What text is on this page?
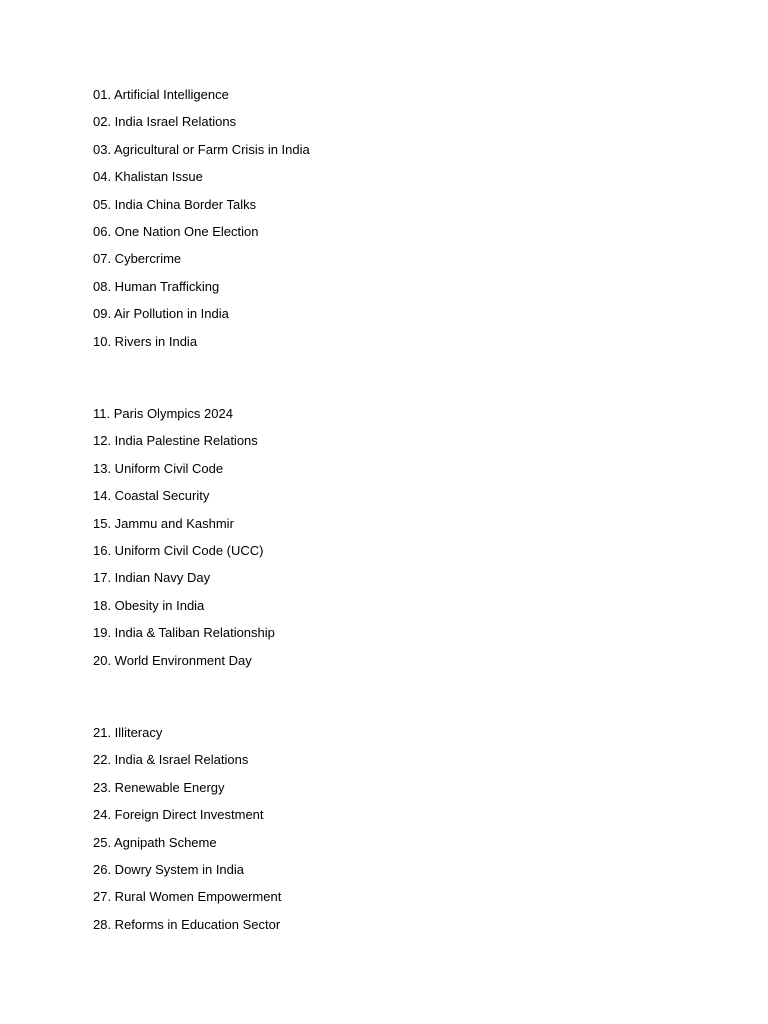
01. Artificial Intelligence
02. India Israel Relations
03. Agricultural or Farm Crisis in India
04. Khalistan Issue
05. India China Border Talks
06. One Nation One Election
07. Cybercrime
08. Human Trafficking
09. Air Pollution in India
10. Rivers in India
11. Paris Olympics 2024
12. India Palestine Relations
13. Uniform Civil Code
14. Coastal Security
15. Jammu and Kashmir
16. Uniform Civil Code (UCC)
17. Indian Navy Day
18. Obesity in India
19. India & Taliban Relationship
20. World Environment Day
21. Illiteracy
22. India & Israel Relations
23. Renewable Energy
24. Foreign Direct Investment
25. Agnipath Scheme
26. Dowry System in India
27. Rural Women Empowerment
28. Reforms in Education Sector
